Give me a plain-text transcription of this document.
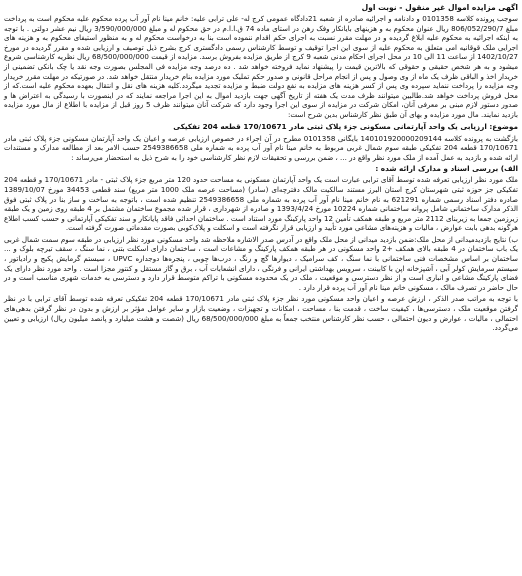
اگهی مزایده اموال غیر منقول - نوبت اول

سوجب پرونده کلاسه 0101358 و دادنامه و اجرائیه صادره از شعبه 21دادگاه عمومی کرج له- علی ترابی علیه: خانم مینا نام آور آب پرده محکوم علیه محکوم است به پرداخت مبلغ 806/052/290/7 ریال عنوان محکوم به و هزینهای بایانکار وفک رهن در استای ماده 74 ق.ا.ا.م در حق محکوم له و مبلغ 3/590/000/000 ریال نیم عشر دولتی . با توجه به اینکه اجرائیه به محکوم علیه ابلاغ گردیده و در مهلت مقرر نسبت به اجرای حکم اقدام ننموده است بنا به درخواست محکوم له و به منظور استیفای محکوم به و هزینه های اجرایی ملک قوقانیه امی متعلق به محکوم علیه از سوی این اجرا توقیف و توسط کارشناس رسمی دادگستری کرج بشرح ذیل توصیف و ارزیابی شده و مقرر گردیده در مورخ 1402/10/27 از ساعت 11 الی 10 در محل اجرای احکام مدنی شعبه 9 کرج از طریق مزایده بفروش برسد. مزایده از قیمت 68/500/000/000 ریال نظریه کارشناسی شروع میشود و به هر شخص حقیقی و حقوقی که بالاترین قیمت را پیشنهاد نماید فروخته خواهد شد . ده درصد وجه مزایده فی المجلس بصورت وجه نقد یا چک بانکی تضمینی از خریدار اخذ و الباقی ظرف یک ماه از وی وصول و پس از انجام مراحل قانونی و صدور حکم تملیک مورد مزایده بنام خریدار منتقل خواهد شد. در صورتیکه در مهلت مقرر خریدار وجه مزایده را پرداخت ننماید سپرده وی پس از کسر هزینه های مزایده به نفع دولت ضبط و مزایده تجدید میگردد.کلیه هزینه های نقل و انتقال بعهده محکوم علیه است.که از محل فروش پرداخت خواهد شد.طالبین میتوانند ظرف مدت یک هفته از تاریخ آگهی جهت بازدید اموال به این اجرا مراجعه نمایند که در اینصورت با رسیدگی به اعتراض ها و صدور دستور لازم مبنی بر معرفی آنان، امکان شرکت در مزایده از سوی این اجرا وجود دارد که شرکت آنان میتوانند ظرف 5 روز قبل از مزایده با اطلاع از مال مورد مزایده بازدید نمایند. مال مورد مزایده و بهای آن طبق نظر کارشناس بدین شرح است:

موضوع: ارزیابی یک واحد آپارتمانی مسکونی جزء پلاک ثبتی مادر 170/10671 قطعه 204 تفکیکی

بازگشت به پرونده کلاسه 140101920000209144 بایگانی 0101358 مطرح در آن اجراء در خصوص ارزیابی عرصه و اعیان یک واحد آپارتمان مسکونی جزء پلاک ثبتی مادر 170/10671 قطعه 204 تفکیکی طبقه سوم شمال غربی مربوط به خانم مینا نام آور آب پرده به شماره ملی 2549386658 حسب الامر بعد از مطالعه مدارک و مستندات ارائه شده و بازدید به عمل آمده از ملک مورد نظر واقع در ... ، ضمن بررسی و تحقیقات لازم نظر کارشناسی خود را به شرح ذیل به استحضار می‌رساند :

الف) بررسی اسناد و مدارک ارائه شده :

ملک مورد نظر ارزیابی تعرفه شده توسط آقای ترابی عبارت است یک واحد آپارتمان مسکونی به مساحت حدود 120 متر مربع جزء پلاک ثبتی - مادر 170/10671 و قطعه 204 تفکیکی جز حوزه ثبتی شهرستان کرج استان البرز مستند سالکیت مالک دفترچه‌ای (سادر) (مساحت عرصه ملک 1000 متر مربع) سند قطعی 34453 مورخ 1389/10/07 صادره دفتر اسناد رسمی شماره 621291 به نام خانم مینا نام آور آب پرده به شماره ملی 2549386658 تنظیم شده است ، باتوجه به ساخت و ساز بنا در پلاک ثبتی فوق الذکر مدارک ساختمانی شامل پروانه ساختمانی شماره 10224 مورخ 1393/4/24 و صادره از شهرداری ، قرار شده مجموع ساختمان مشتمل بر 4 طبقه روی زمین و یک طبقه زیرزمین جمعا به زیربنای 2112 متر مربع و طبقه همکف تأمین 12 واحد پارکینگ مورد استناد است . ساختمان احداثی فاقد پایانکار و سند تفکیکی آپارتمانی و حسب کسب اطلاع هرگونه بدهی بابت عوارض ، مالیات و هزینه‌های مشاعی مورد تأیید و ارزیابی قرار نگرفته است و اسکلت و پلاک‌کوبی بصورت مقدماتی صورت گرفته است.

ب) نتایج بازدیدمیدانی از محل ملک:ضمن بازدید میدانی از محل ملک واقع در آدرس صدر الاشاره ملاحظه شد واحد مسکونی مورد نظر ارزیابی در طبقه سوم سمت شمال غربی یک باب ساختمان در 4 طبقه بالای همکف +2 واحد مسکونی در هر طبقه همکف پارکینگ و مشاعات است ، ساختمان دارای اسکلت بتنی ، نما سنگ ، سقف تیرچه بلوک و ... ساختمان بر اساس مشخصات فنی ساختمانی با نما سنگ ، کف سرامیک ، دیوار‌ها گچ و رنگ ، درب‌ها چوبی ، پنجره‌ها دوجداره UPVC ، سیستم گرمایش پکیج و رادیاتور ، سیستم سرمایش کولر آبی ، آشپزخانه اپن با کابینت ، سرویس بهداشتی ایرانی و فرنگی ، دارای انشعابات آب ، برق و گاز مستقل و کنتور مجزا است . واحد مورد نظر دارای یک فضای پارکینگ مشاعی و انباری است و از نظر دسترسی و موقعیت ، ملک در یک محدوده مسکونی با تراکم متوسط قرار دارد و دسترسی به خدمات شهری مناسب است و در حال حاضر در تصرف مالک ، مسکونی خانم مینا نام آور آب پرده قرار دارد .

با توجه به مراتب صدر الذکر ، ارزش عرصه و اعیان واحد مسکونی مورد نظر جزء پلاک ثبتی مادر 170/10671 قطعه 204 تفکیکی تعرفه شده توسط آقای ترابی با در نظر گرفتن موقعیت ملک ، دسترسی‌ها ، کیفیت ساخت ، قدمت بنا ، مساحت ، امکانات و تجهیزات ، وضعیت بازار و سایر عوامل مؤثر بر ارزش و بدون در نظر گرفتن بدهی‌های احتمالی ، مالیات ، عوارض و دیون احتمالی ، حسب نظر کارشناس منتخب جمعاً به مبلغ 68/500/000/000 ریال (شصت و هشت میلیارد و پانصد میلیون ریال) ارزیابی و تعیین می‌گردد.
